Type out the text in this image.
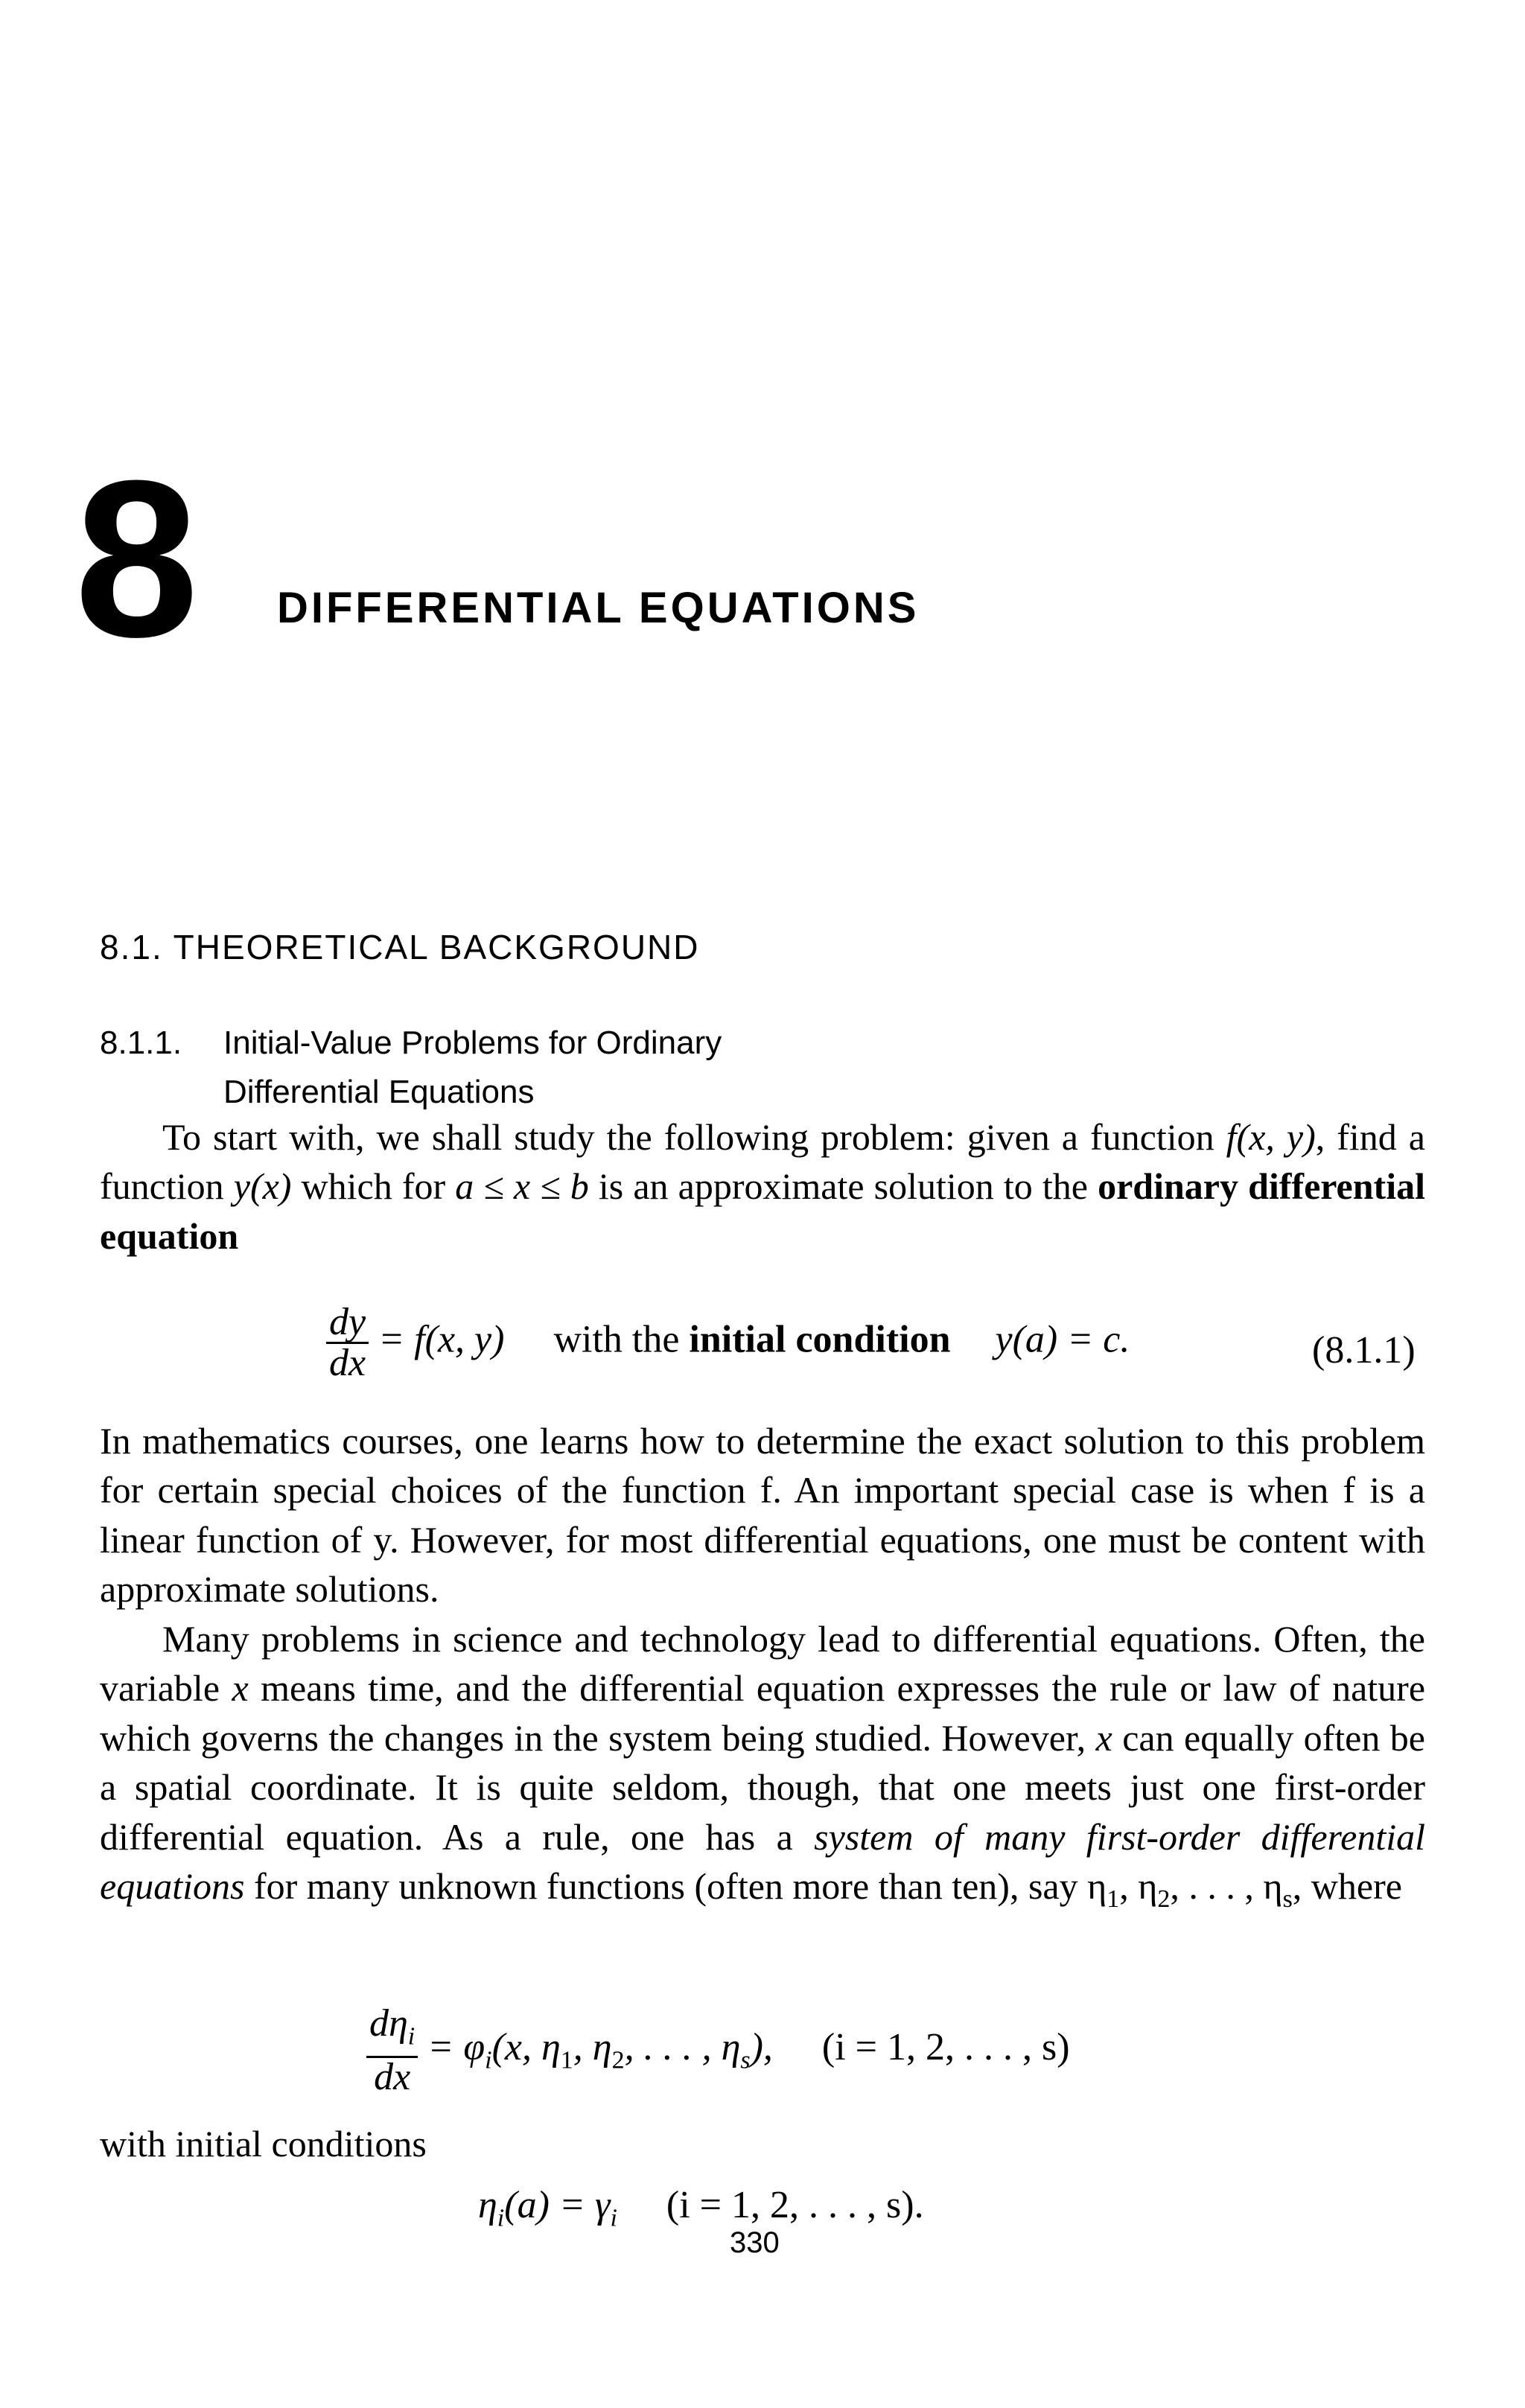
8 DIFFERENTIAL EQUATIONS
8.1. THEORETICAL BACKGROUND
8.1.1. Initial-Value Problems for Ordinary
Differential Equations

To start with, we shall study the following problem: given a function f(x, y), find a function y(x) which for a ≤ x ≤ b is an approximate solution to the ordinary differential equation

$\frac{dy}{dx} = f(x$, y) with the initial condition y(a) = c.	(8.1.1)

In mathematics courses, one learns how to determine the exact solution to this problem for certain special choices of the function f. An important special case is when f is a linear function of y. However, for most differential equations, one must be content with approximate solutions.

Many problems in science and technology lead to differential equations. Often, the variable x means time, and the differential equation expresses the rule or law of nature which governs the changes in the system being studied. However, x can equally often be a spatial coordinate. It is quite seldom, though, that one meets just one first-order differential equation. As a rule, one has a system of many first-order differential equations for many unknown functions (often more than ten), say $\eta_1$, $\eta_2$, . . . , $\eta_s$, where

$\frac{d\eta_i}{dx} = \varphi_i(x$, $\eta_1$, $\eta_2$, . . . , $\eta_s$), (i = 1, 2, . . . , s)

with initial conditions

$\eta_i(a) = \gamma_i$ (i = 1, 2, . . . , s).
330
